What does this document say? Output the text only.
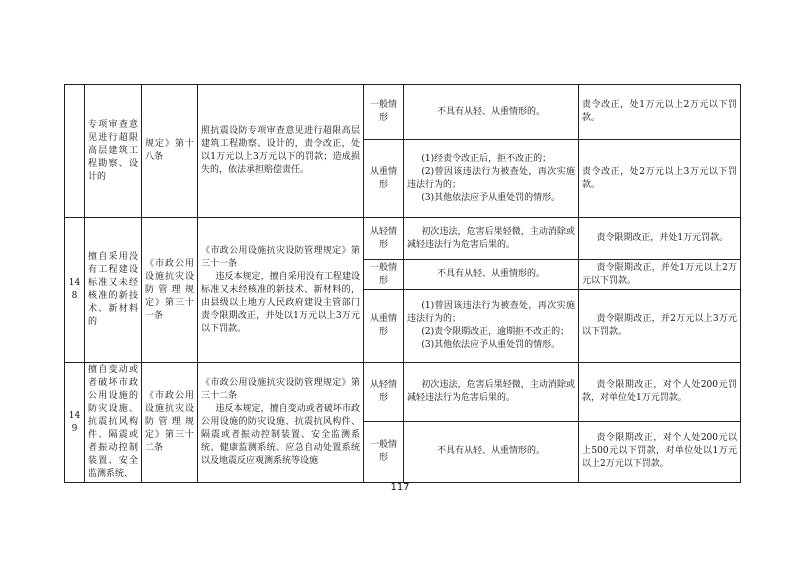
	专项审查意见进行超限高层建筑工程勘察、设计的	规定》第十八条	照抗震设防专项审查意见进行超限高层建筑工程勘察、设计的，责令改正，处以1万元以上3万元以下的罚款；造成损失的，依法承担赔偿责任。	一般情形	不具有从轻、从重情形的。	责令改正，处1万元以上2万元以下罚款。
				从重情形	(1)经责令改正后，拒不改正的；
(2)曾因该违法行为被查处，再次实施违法行为的；
(3)其他依法应予从重处罚的情形。	责令改正，处2万元以上3万元以下罚款。
148	擅自采用没有工程建设标准又未经核准的新技术、新材料的	《市政公用设施抗灾设防管理规定》第三十一条	《市政公用设施抗灾设防管理规定》第三十一条
违反本规定，擅自采用没有工程建设标准又未经核准的新技术、新材料的，由县级以上地方人民政府建设主管部门责令限期改正，并处以1万元以上3万元以下罚款。	从轻情形	初次违法，危害后果轻微，主动消除或减轻违法行为危害后果的。	责令限期改正，并处1万元罚款。

				一般情形	不具有从轻、从重情形的。	责令限期改正，并处1万元以上2万元以下罚款。

				从重情形	(1)曾因该违法行为被查处，再次实施违法行为的；
(2)责令限期改正，逾期拒不改正的；
(3)其他依法应予从重处罚的情形。	责令限期改正，并2万元以上3万元以下罚款。

149	擅自变动或者破坏市政公用设施的防灾设施、抗震抗风构件、隔震或者振动控制装置、安全监测系统、	《市政公用设施抗灾设防管理规定》第三十二条	《市政公用设施抗灾设防管理规定》第三十二条
违反本规定，擅自变动或者破坏市政公用设施的防灾设施、抗震抗风构件、隔震或者振动控制装置、安全监测系统、健康监测系统、应急自动处置系统以及地震反应观测系统等设施	从轻情形	初次违法，危害后果轻微，主动消除或减轻违法行为危害后果的。	责令限期改正，对个人处200元罚款，对单位处1万元罚款。

				一般情形	不具有从轻、从重情形的。	责令限期改正，对个人处200元以上500元以下罚款，对单位处以1万元以上2万元以下罚款。
117
